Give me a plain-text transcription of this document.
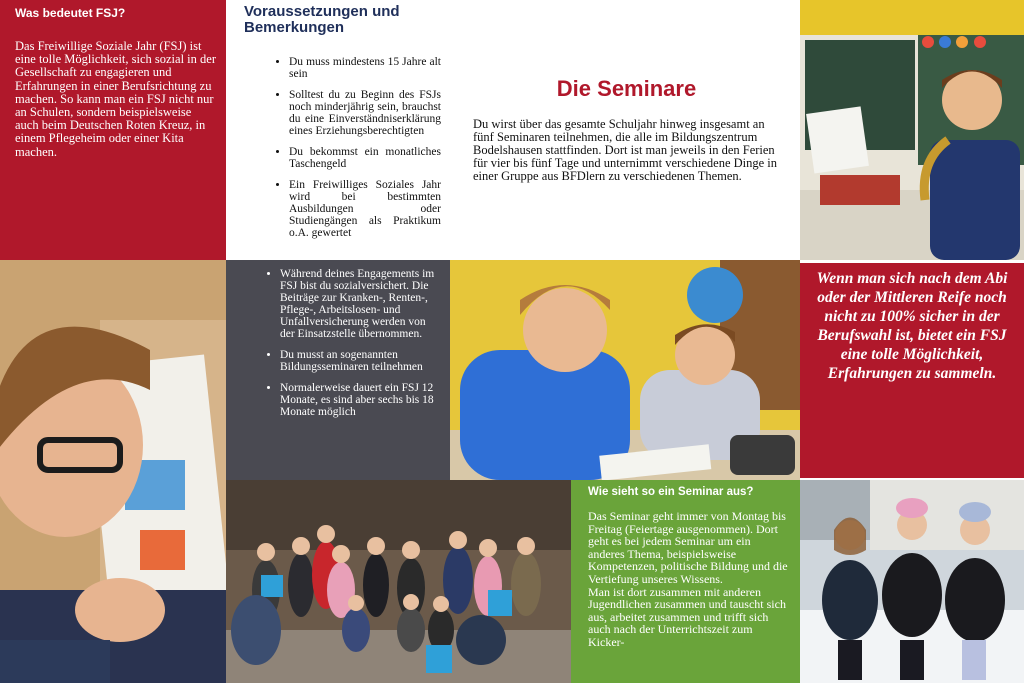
Was bedeutet FSJ?

Das Freiwillige Soziale Jahr (FSJ) ist eine tolle Möglichkeit, sich sozial in der Gesellschaft zu engagieren und Erfahrungen in einer Berufsrichtung zu machen. So kann man ein FSJ nicht nur an Schulen, sondern beispielsweise auch beim Deutschen Roten Kreuz, in einem Pflegeheim oder einer Kita machen.

Voraussetzungen und
Bemerkungen
• Du muss mindestens 15 Jahre alt sein
• Solltest du zu Beginn des FSJs noch minderjährig sein, brauchst du eine Einverständniserklärung eines Erziehungsberechtigten
• Du bekommst ein monatliches Taschengeld
• Ein Freiwilliges Soziales Jahr wird bei bestimmten Ausbildungen oder Studiengängen als Praktikum o.A. gewertet
Die Seminare

Du wirst über das gesamte Schuljahr hinweg insgesamt an fünf Seminaren teilnehmen, die alle im Bildungszentrum Bodelshausen stattfinden. Dort ist man jeweils in den Ferien für vier bis fünf Tage und unternimmt verschiedene Dinge in einer Gruppe aus BFDlern zu verschiedenen Themen.

• Während deines Engagements im FSJ bist du sozialversichert. Die Beiträge zur Kranken-, Renten-, Pflege-, Arbeitslosen- und Unfallversicherung werden von der Einsatzstelle übernommen.
• Du musst an sogenannten Bildungsseminaren teilnehmen
• Normalerweise dauert ein FSJ 12 Monate, es sind aber sechs bis 18 Monate möglich

Wenn man sich nach dem Abi oder der Mittleren Reife noch nicht zu 100% sicher in der Berufswahl ist, bietet ein FSJ eine tolle Möglichkeit, Erfahrungen zu sammeln.

Wie sieht so ein Seminar aus?

Das Seminar geht immer von Montag bis Freitag (Feiertage ausgenommen). Dort geht es bei jedem Seminar um ein anderes Thema, beispielsweise Kompetenzen, politische Bildung und die Vertiefung unseres Wissens.

Man ist dort zusammen mit anderen Jugendlichen zusammen und tauscht sich aus, arbeitet zusammen und trifft sich auch nach der Unterrichtszeit zum Kicker-
